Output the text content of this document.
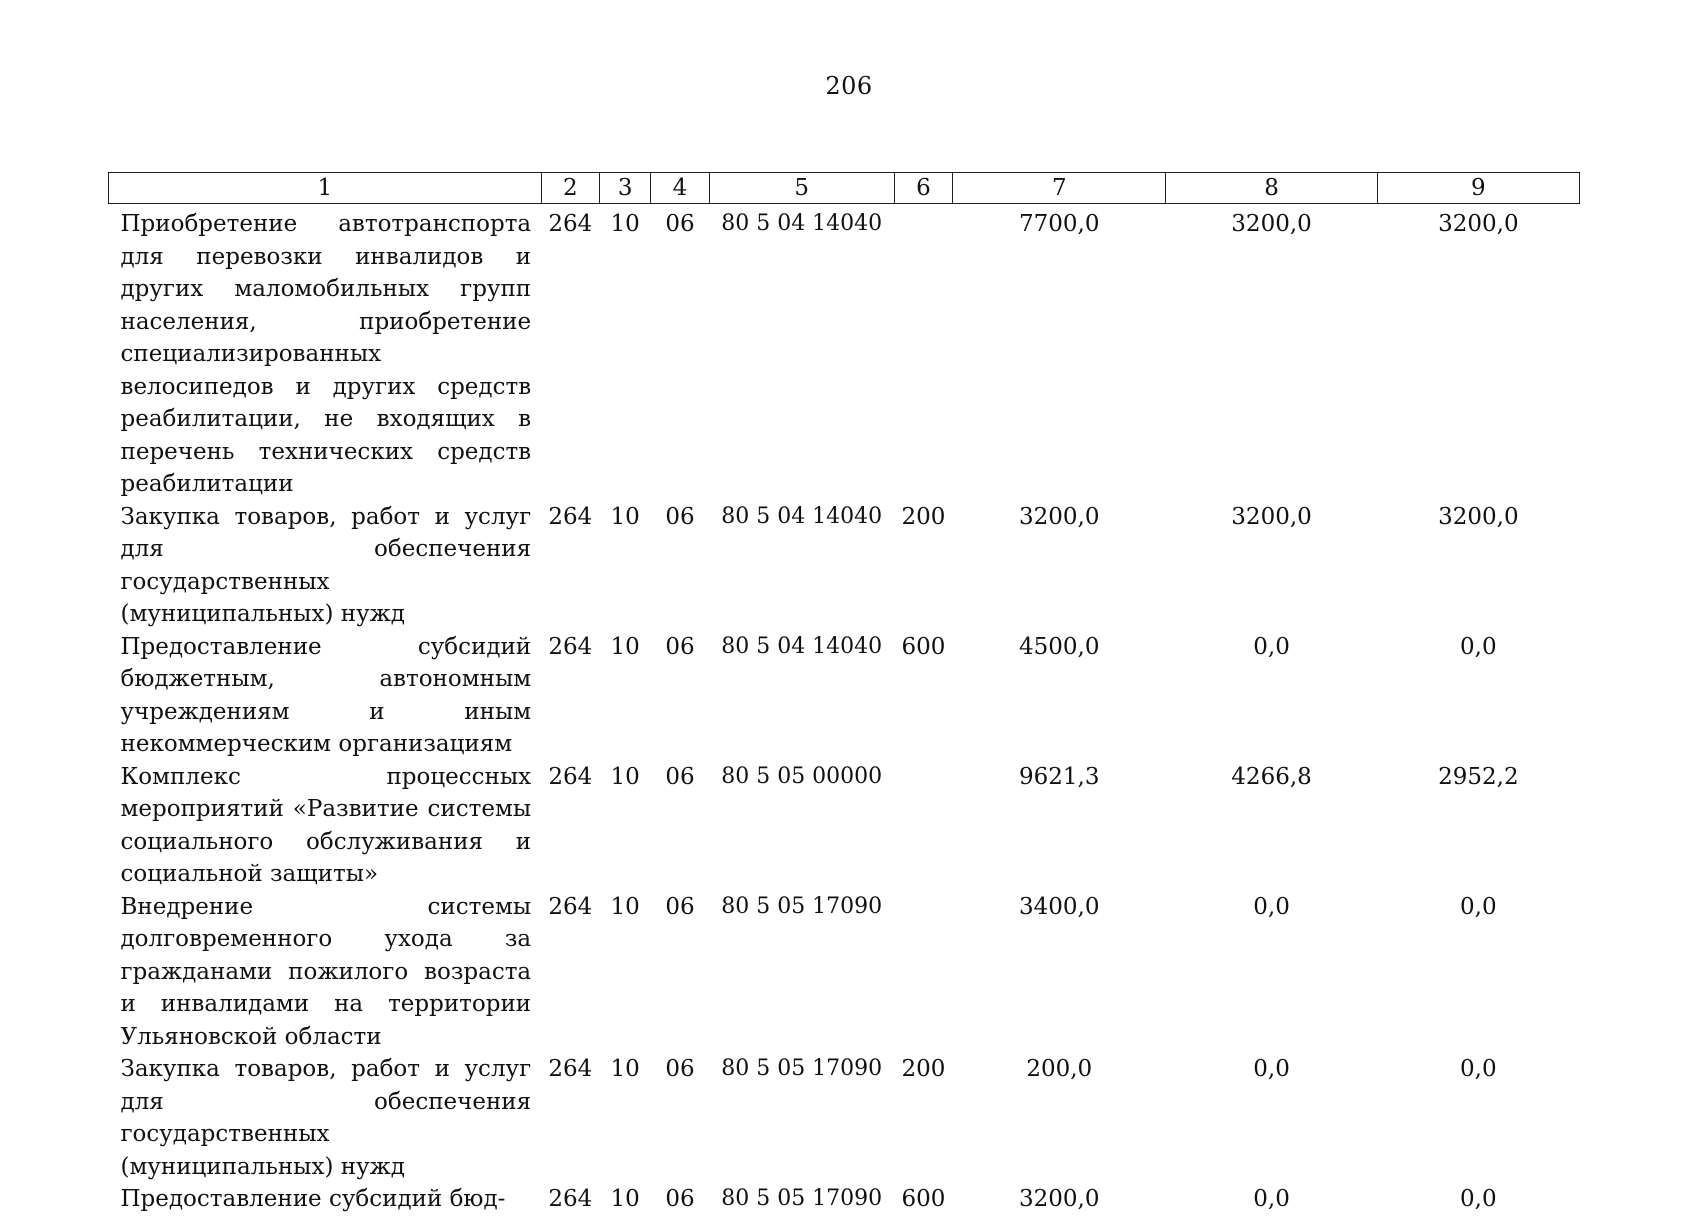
206
1	2	3	4	5	6	7	8	9
Приобретение автотранспорта для перевозки инвалидов и других маломобильных групп населения, приобретение специализированных велосипедов и других средств реабилитации, не входящих в перечень технических средств реабилитации	264	10	06	80 5 04 14040		7700,0	3200,0	3200,0
Закупка товаров, работ и услуг для обеспечения государственных (муниципальных) нужд	264	10	06	80 5 04 14040	200	3200,0	3200,0	3200,0
Предоставление субсидий бюджетным, автономным учреждениям и иным некоммерческим организациям	264	10	06	80 5 04 14040	600	4500,0	0,0	0,0
Комплекс процессных мероприятий «Развитие системы социального обслуживания и социальной защиты»	264	10	06	80 5 05 00000		9621,3	4266,8	2952,2
Внедрение системы долговременного ухода за гражданами пожилого возраста и инвалидами на территории Ульяновской области	264	10	06	80 5 05 17090		3400,0	0,0	0,0
Закупка товаров, работ и услуг для обеспечения государственных (муниципальных) нужд	264	10	06	80 5 05 17090	200	200,0	0,0	0,0
Предоставление субсидий бюд-	264	10	06	80 5 05 17090	600	3200,0	0,0	0,0
